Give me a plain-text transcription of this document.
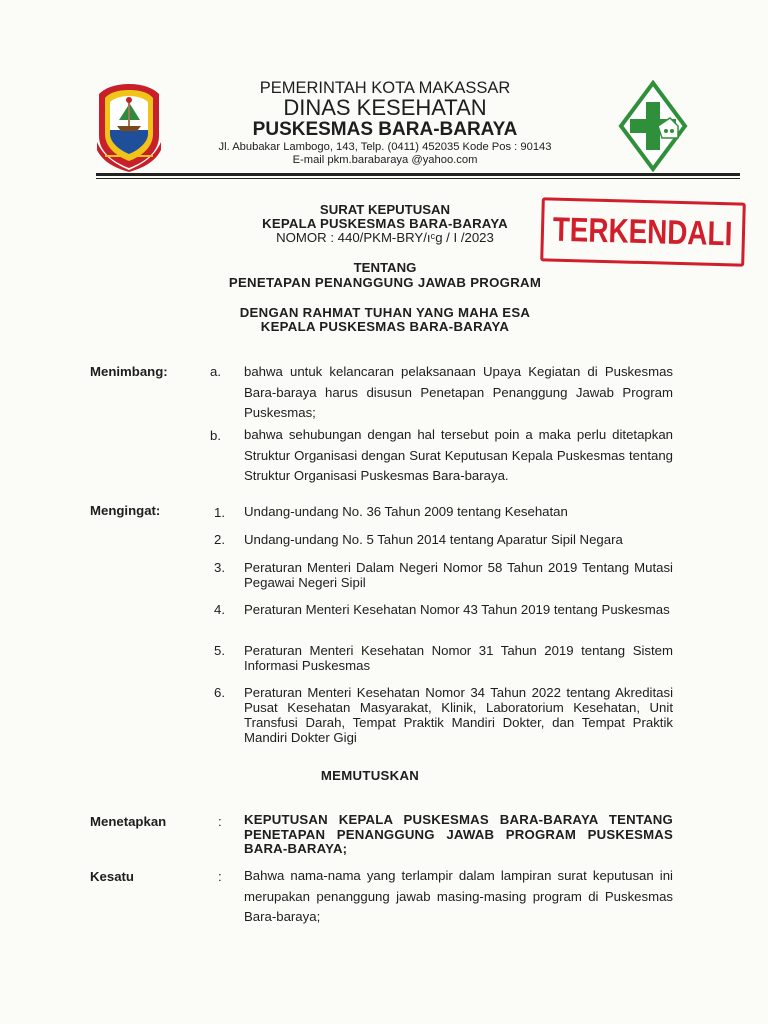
PEMERINTAH KOTA MAKASSAR
DINAS KESEHATAN
PUSKESMAS BARA-BARAYA
Jl. Abubakar Lambogo, 143, Telp. (0411) 452035 Kode Pos : 90143
E-mail pkm.barabaraya @yahoo.com
SURAT KEPUTUSAN
KEPALA PUSKESMAS BARA-BARAYA
NOMOR : 440/PKM-BRY/ıᶜg / I /2023	TERKENDALI
TENTANG
PENETAPAN PENANGGUNG JAWAB PROGRAM
DENGAN RAHMAT TUHAN YANG MAHA ESA
KEPALA PUSKESMAS BARA-BARAYA
Menimbang:	a. bahwa untuk kelancaran pelaksanaan Upaya Kegiatan di Puskesmas Bara-baraya harus disusun Penetapan Penanggung Jawab Program Puskesmas;
b. bahwa sehubungan dengan hal tersebut poin a maka perlu ditetapkan Struktur Organisasi dengan Surat Keputusan Kepala Puskesmas tentang Struktur Organisasi Puskesmas Bara-baraya.
Mengingat:	1. Undang-undang No. 36 Tahun 2009 tentang Kesehatan
2. Undang-undang No. 5 Tahun 2014 tentang Aparatur Sipil Negara
3. Peraturan Menteri Dalam Negeri Nomor 58 Tahun 2019 Tentang Mutasi Pegawai Negeri Sipil
4. Peraturan Menteri Kesehatan Nomor 43 Tahun 2019 tentang Puskesmas
5. Peraturan Menteri Kesehatan Nomor 31 Tahun 2019 tentang Sistem Informasi Puskesmas
6. Peraturan Menteri Kesehatan Nomor 34 Tahun 2022 tentang Akreditasi Pusat Kesehatan Masyarakat, Klinik, Laboratorium Kesehatan, Unit Transfusi Darah, Tempat Praktik Mandiri Dokter, dan Tempat Praktik Mandiri Dokter Gigi
MEMUTUSKAN
Menetapkan	: KEPUTUSAN KEPALA PUSKESMAS BARA-BARAYA TENTANG PENETAPAN PENANGGUNG JAWAB PROGRAM PUSKESMAS BARA-BARAYA;
Kesatu	: Bahwa nama-nama yang terlampir dalam lampiran surat keputusan ini merupakan penanggung jawab masing-masing program di Puskesmas Bara-baraya;
